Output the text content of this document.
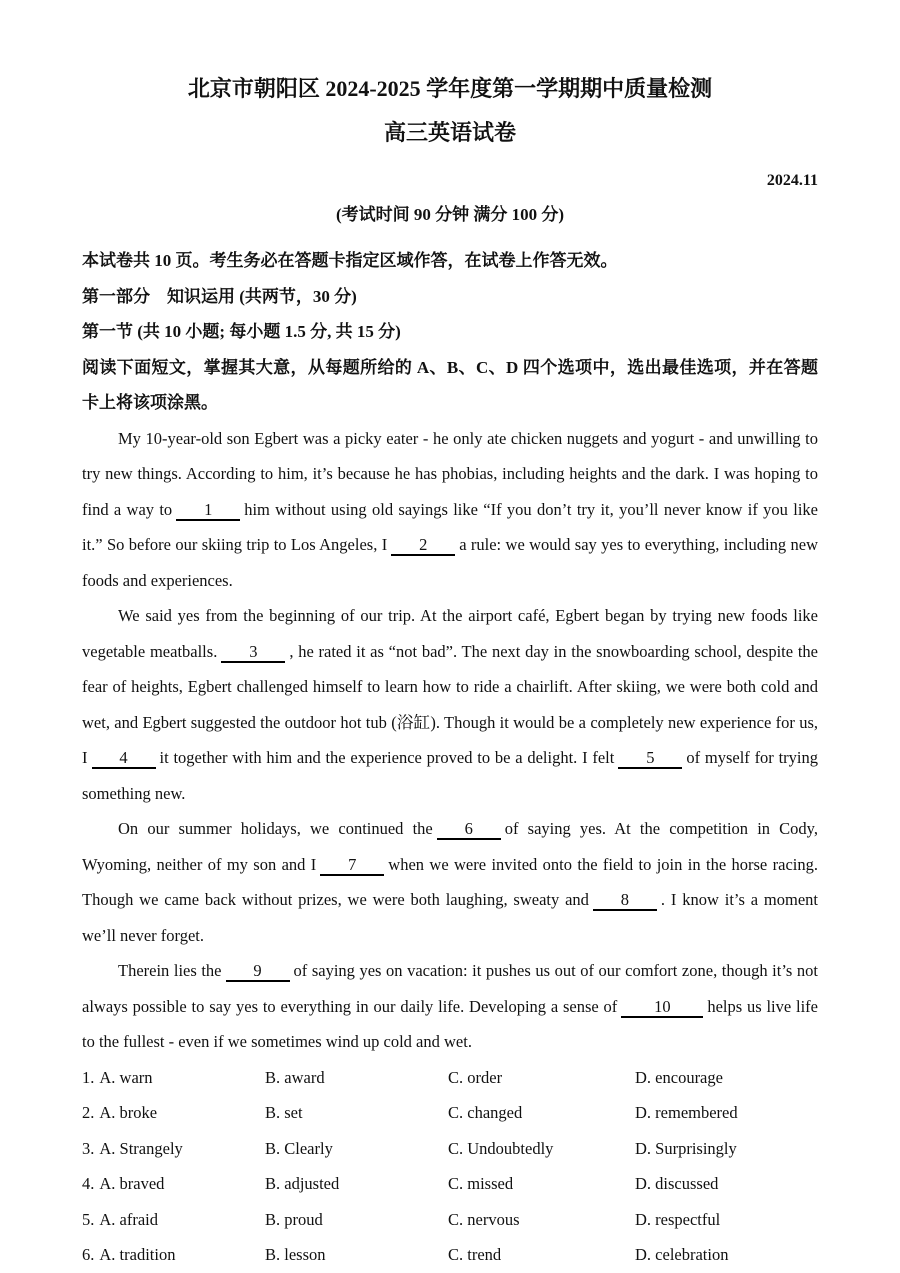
北京市朝阳区 2024-2025 学年度第一学期期中质量检测
高三英语试卷
2024.11
(考试时间 90 分钟 满分 100 分)

本试卷共 10 页。考生务必在答题卡指定区域作答，在试卷上作答无效。

第一部分　知识运用 (共两节，30 分)

第一节 (共 10 小题; 每小题 1.5 分, 共 15 分)

阅读下面短文，掌握其大意，从每题所给的 A、B、C、D 四个选项中，选出最佳选项，并在答题卡上将该项涂黑。

My 10-year-old son Egbert was a picky eater - he only ate chicken nuggets and yogurt - and unwilling to try new things. According to him, it’s because he has phobias, including heights and the dark. I was hoping to find a way to 1 him without using old sayings like “If you don’t try it, you’ll never know if you like it.” So before our skiing trip to Los Angeles, I 2 a rule: we would say yes to everything, including new foods and experiences.

We said yes from the beginning of our trip. At the airport café, Egbert began by trying new foods like vegetable meatballs. 3 , he rated it as “not bad”. The next day in the snowboarding school, despite the fear of heights, Egbert challenged himself to learn how to ride a chairlift. After skiing, we were both cold and wet, and Egbert suggested the outdoor hot tub (浴缸). Though it would be a completely new experience for us, I 4 it together with him and the experience proved to be a delight. I felt 5 of myself for trying something new.

On our summer holidays, we continued the 6 of saying yes. At the competition in Cody, Wyoming, neither of my son and I 7 when we were invited onto the field to join in the horse racing. Though we came back without prizes, we were both laughing, sweaty and 8 . I know it’s a moment we’ll never forget.

Therein lies the 9 of saying yes on vacation: it pushes us out of our comfort zone, though it’s not always possible to say yes to everything in our daily life. Developing a sense of 10 helps us live life to the fullest - even if we sometimes wind up cold and wet.

1. A. warn	B. award	C. order	D. encourage
2. A. broke	B. set	C. changed	D. remembered
3. A. Strangely	B. Clearly	C. Undoubtedly	D. Surprisingly
4. A. braved	B. adjusted	C. missed	D. discussed
5. A. afraid	B. proud	C. nervous	D. respectful
6. A. tradition	B. lesson	C. trend	D. celebration
